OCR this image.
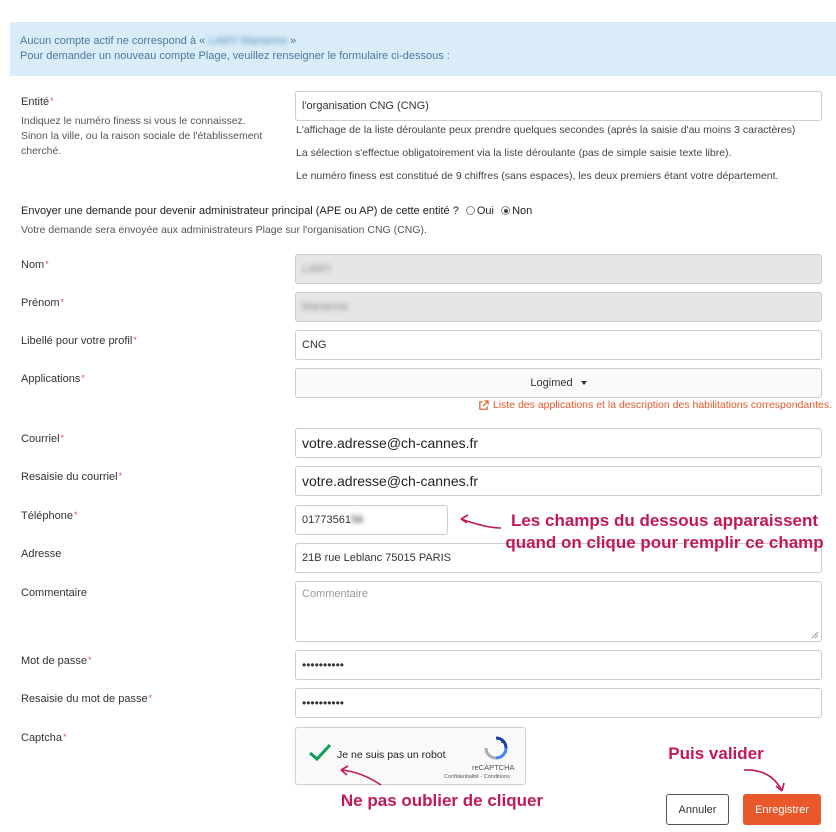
Aucun compte actif ne correspond à « LAMY Marianne »
Pour demander un nouveau compte Plage, veuillez renseigner le formulaire ci-dessous :
Entité*
Indiquez le numéro finess si vous le connaissez. Sinon la ville, ou la raison sociale de l'établissement cherché.
l'organisation CNG (CNG)
L'affichage de la liste déroulante peux prendre quelques secondes (après la saisie d'au moins 3 caractères)
La sélection s'effectue obligatoirement via la liste déroulante (pas de simple saisie texte libre).
Le numéro finess est constitué de 9 chiffres (sans espaces), les deux premiers étant votre département.
Envoyer une demande pour devenir administrateur principal (APE ou AP) de cette entité ? Oui Non
Votre demande sera envoyée aux administrateurs Plage sur l'organisation CNG (CNG).
Nom*	LAMY
Prénom*	Marianne
Libellé pour votre profil*	CNG
Applications*	Logimed
Liste des applications et la description des habilitations correspondantes.
Courriel*	votre.adresse@ch-cannes.fr
Resaisie du courriel*	votre.adresse@ch-cannes.fr
Téléphone*	01773561 56
Adresse	21B rue Leblanc 75015 PARIS
Les champs du dessous apparaissent quand on clique pour remplir ce champ
Commentaire	Commentaire
Mot de passe*	••••••••••
Resaisie du mot de passe*	••••••••••
Captcha*
Je ne suis pas un robot
reCAPTCHA
Confidentialité - Conditions
Ne pas oublier de cliquer
Puis valider
Annuler	Enregistrer
